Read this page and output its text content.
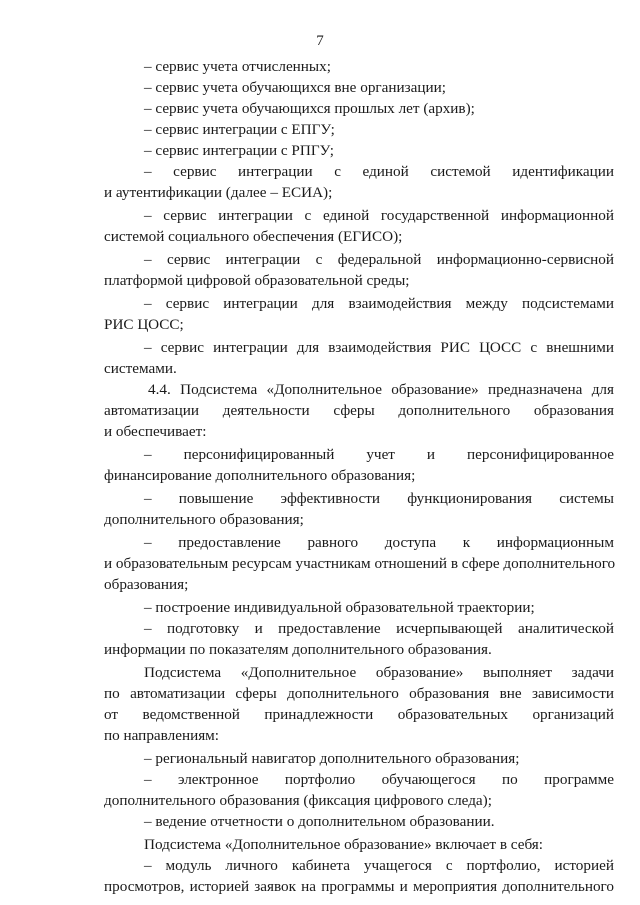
7
– сервис учета отчисленных;
– сервис учета обучающихся вне организации;
– сервис учета обучающихся прошлых лет (архив);
– сервис интеграции с ЕПГУ;
– сервис интеграции с РПГУ;
– сервис интеграции с единой системой идентификации
и аутентификации (далее – ЕСИА);
– сервис интеграции с единой государственной информационной
системой социального обеспечения (ЕГИСО);
– сервис интеграции с федеральной информационно-сервисной
платформой цифровой образовательной среды;
– сервис интеграции для взаимодействия между подсистемами
РИС ЦОСС;
– сервис интеграции для взаимодействия РИС ЦОСС с внешними
системами.
4.4. Подсистема «Дополнительное образование» предназначена для
автоматизации деятельности сферы дополнительного образования
и обеспечивает:
– персонифицированный учет и персонифицированное
финансирование дополнительного образования;
– повышение эффективности функционирования системы
дополнительного образования;
– предоставление равного доступа к информационным
и образовательным ресурсам участникам отношений в сфере дополнительного
образования;
– построение индивидуальной образовательной траектории;
– подготовку и предоставление исчерпывающей аналитической
информации по показателям дополнительного образования.
Подсистема «Дополнительное образование» выполняет задачи
по автоматизации сферы дополнительного образования вне зависимости
от ведомственной принадлежности образовательных организаций
по направлениям:
– региональный навигатор дополнительного образования;
– электронное портфолио обучающегося по программе
дополнительного образования (фиксация цифрового следа);
– ведение отчетности о дополнительном образовании.
Подсистема «Дополнительное образование» включает в себя:
– модуль личного кабинета учащегося с портфолио, историей
просмотров, историей заявок на программы и мероприятия дополнительного
